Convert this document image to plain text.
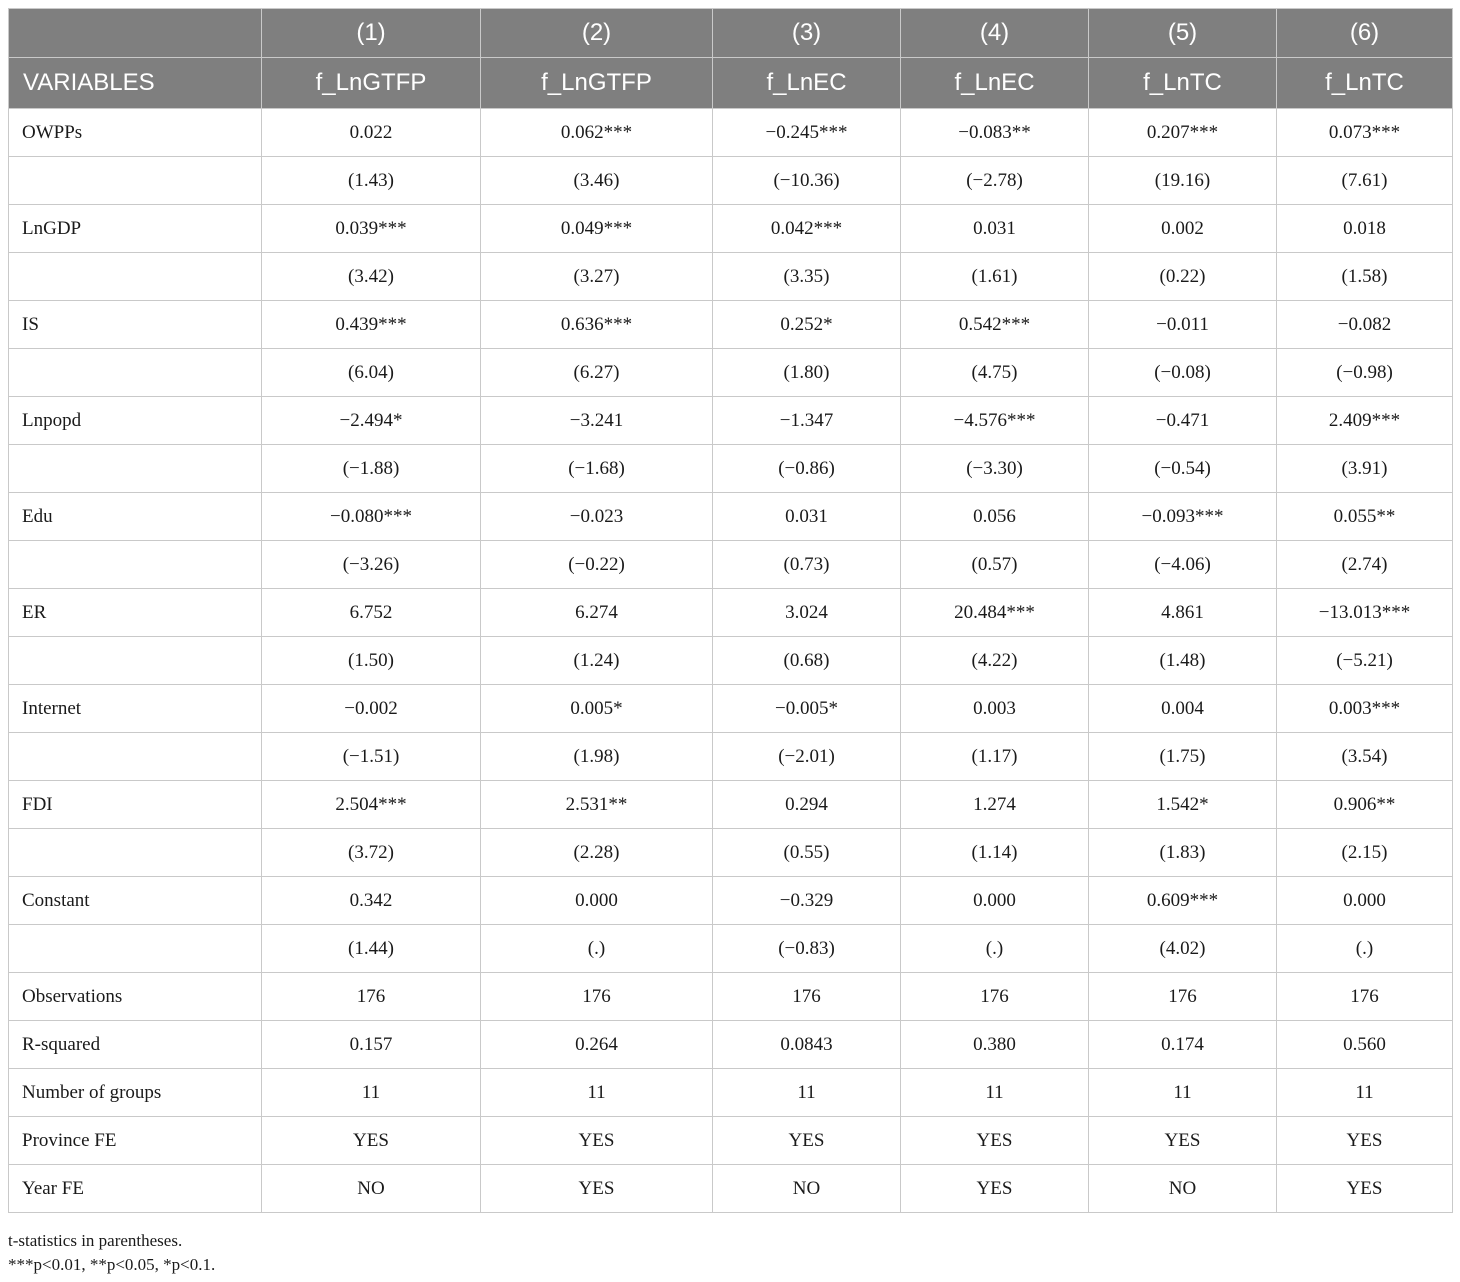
	(1)	(2)	(3)	(4)	(5)	(6)
VARIABLES	f_LnGTFP	f_LnGTFP	f_LnEC	f_LnEC	f_LnTC	f_LnTC
OWPPs	0.022	0.062***	−0.245***	−0.083**	0.207***	0.073***
	(1.43)	(3.46)	(−10.36)	(−2.78)	(19.16)	(7.61)
LnGDP	0.039***	0.049***	0.042***	0.031	0.002	0.018
	(3.42)	(3.27)	(3.35)	(1.61)	(0.22)	(1.58)
IS	0.439***	0.636***	0.252*	0.542***	−0.011	−0.082
	(6.04)	(6.27)	(1.80)	(4.75)	(−0.08)	(−0.98)
Lnpopd	−2.494*	−3.241	−1.347	−4.576***	−0.471	2.409***
	(−1.88)	(−1.68)	(−0.86)	(−3.30)	(−0.54)	(3.91)
Edu	−0.080***	−0.023	0.031	0.056	−0.093***	0.055**
	(−3.26)	(−0.22)	(0.73)	(0.57)	(−4.06)	(2.74)
ER	6.752	6.274	3.024	20.484***	4.861	−13.013***
	(1.50)	(1.24)	(0.68)	(4.22)	(1.48)	(−5.21)
Internet	−0.002	0.005*	−0.005*	0.003	0.004	0.003***
	(−1.51)	(1.98)	(−2.01)	(1.17)	(1.75)	(3.54)
FDI	2.504***	2.531**	0.294	1.274	1.542*	0.906**
	(3.72)	(2.28)	(0.55)	(1.14)	(1.83)	(2.15)
Constant	0.342	0.000	−0.329	0.000	0.609***	0.000
	(1.44)	(.)	(−0.83)	(.)	(4.02)	(.)
Observations	176	176	176	176	176	176
R-squared	0.157	0.264	0.0843	0.380	0.174	0.560
Number of groups	11	11	11	11	11	11
Province FE	YES	YES	YES	YES	YES	YES
Year FE	NO	YES	NO	YES	NO	YES
t-statistics in parentheses.
***p<0.01, **p<0.05, *p<0.1.
